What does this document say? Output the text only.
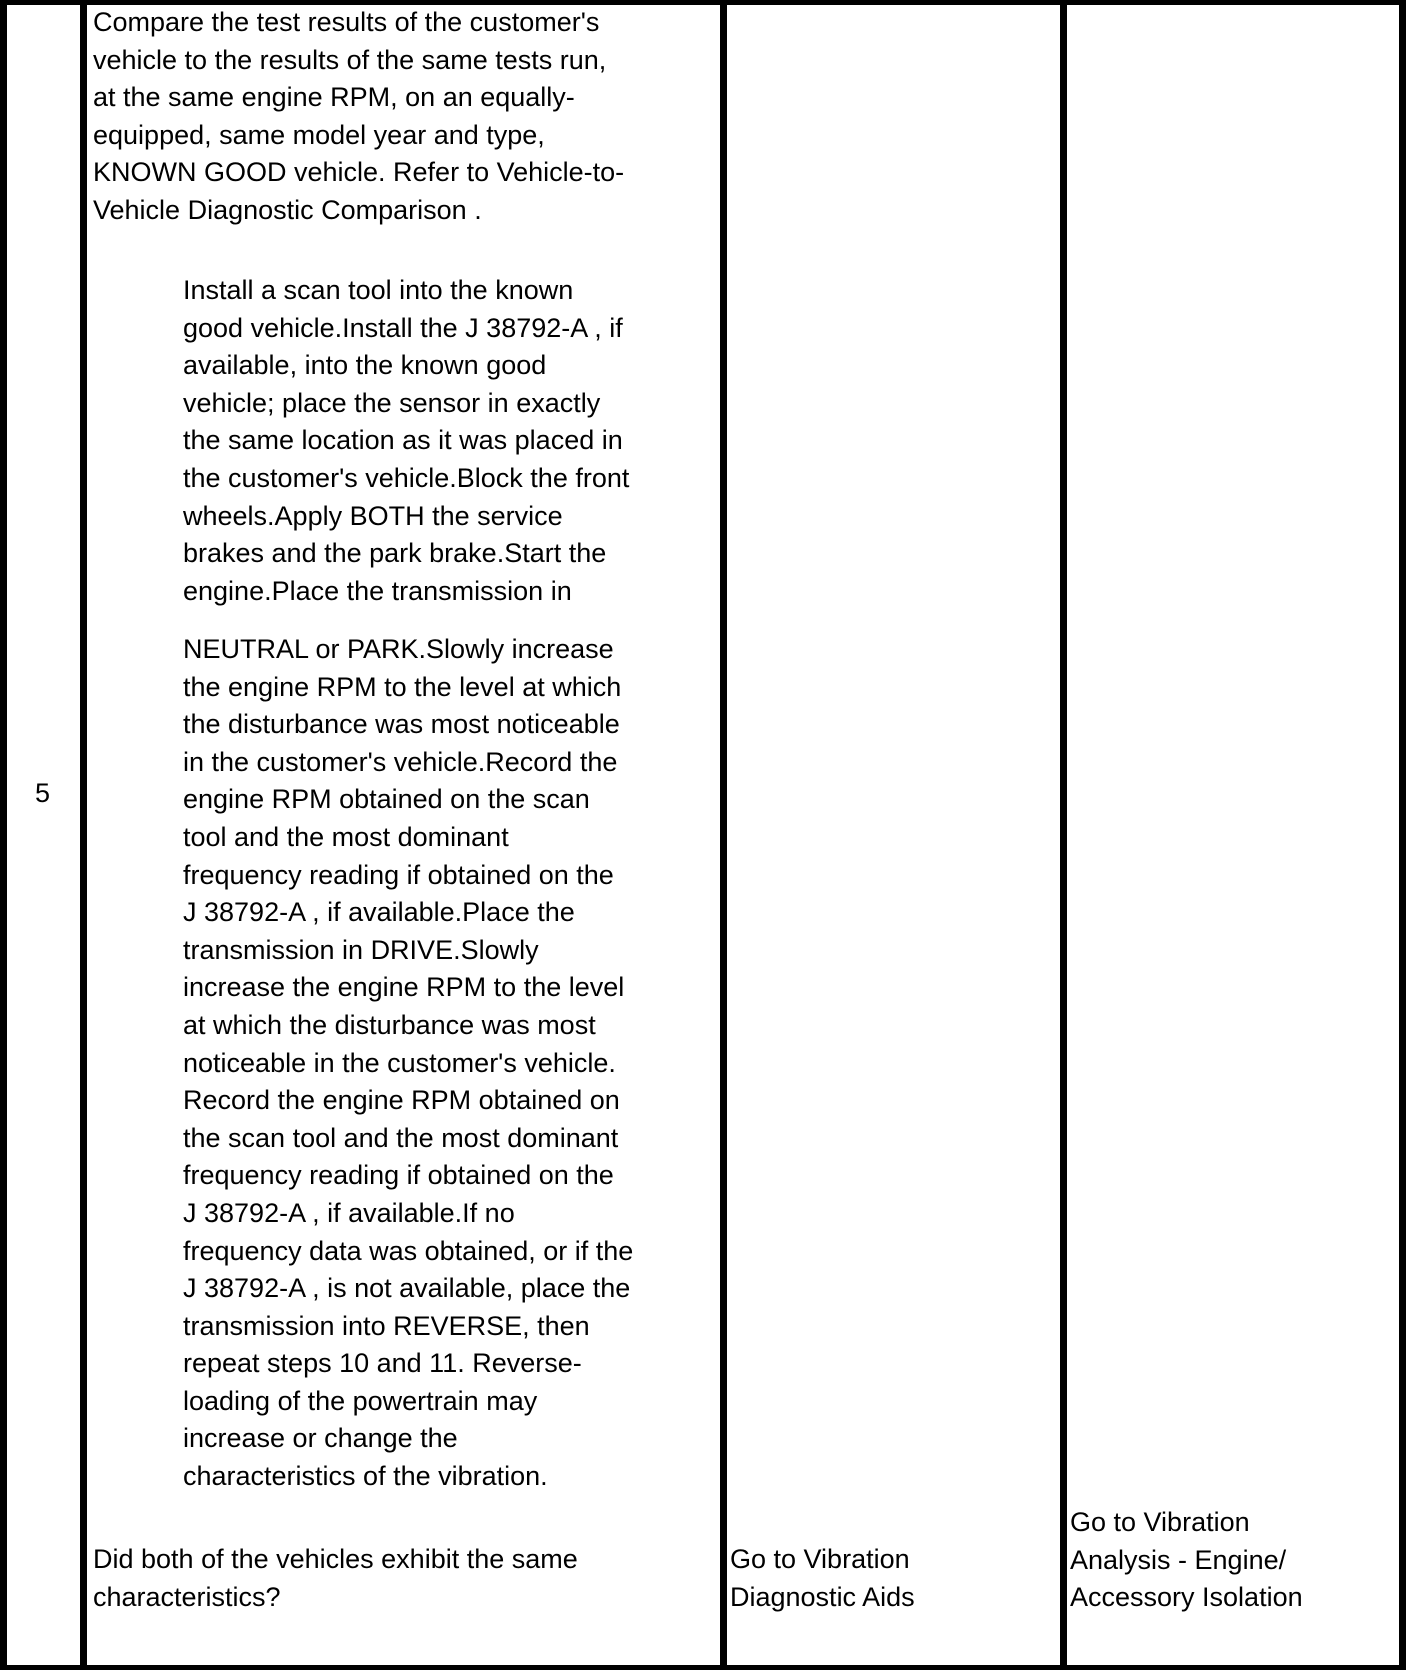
5
Compare the test results of the customer's
vehicle to the results of the same tests run,
at the same engine RPM, on an equally-
equipped, same model year and type,
KNOWN GOOD vehicle. Refer to Vehicle-to-
Vehicle Diagnostic Comparison .
Install a scan tool into the known
good vehicle.Install the J 38792-A , if
available, into the known good
vehicle; place the sensor in exactly
the same location as it was placed in
the customer's vehicle.Block the front
wheels.Apply BOTH the service
brakes and the park brake.Start the
engine.Place the transmission in
NEUTRAL or PARK.Slowly increase
the engine RPM to the level at which
the disturbance was most noticeable
in the customer's vehicle.Record the
engine RPM obtained on the scan
tool and the most dominant
frequency reading if obtained on the
J 38792-A , if available.Place the
transmission in DRIVE.Slowly
increase the engine RPM to the level
at which the disturbance was most
noticeable in the customer's vehicle.
Record the engine RPM obtained on
the scan tool and the most dominant
frequency reading if obtained on the
J 38792-A , if available.If no
frequency data was obtained, or if the
J 38792-A , is not available, place the
transmission into REVERSE, then
repeat steps 10 and 11. Reverse-
loading of the powertrain may
increase or change the
characteristics of the vibration.
Did both of the vehicles exhibit the same
characteristics?
Go to Vibration
Diagnostic Aids
Go to Vibration
Analysis - Engine/
Accessory Isolation
